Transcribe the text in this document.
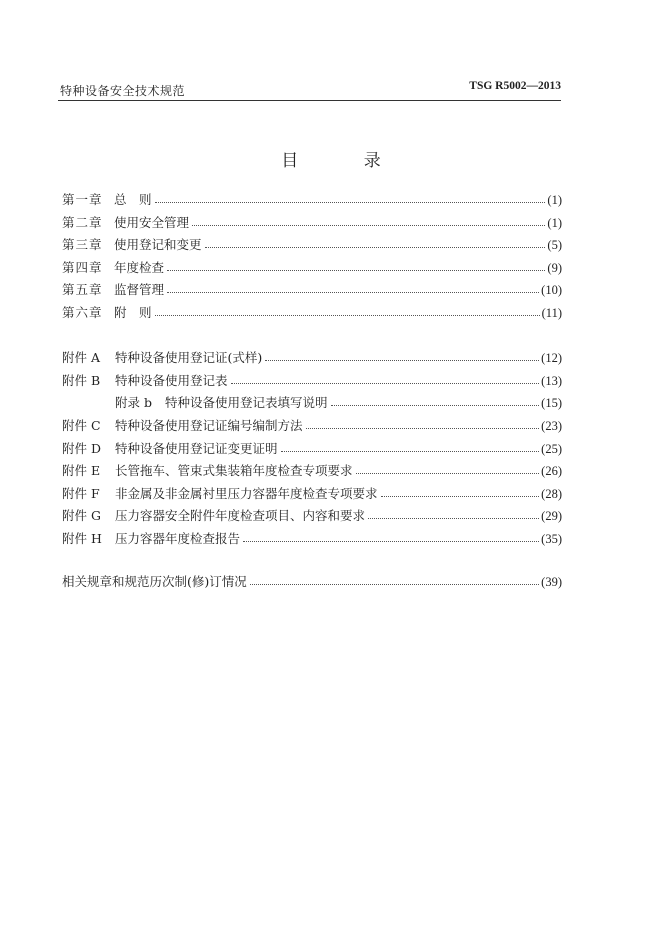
特种设备安全技术规范	TSG R5002—2013
目 录
第一章 总　则	(1)
第二章 使用安全管理	(1)
第三章 使用登记和变更	(5)
第四章 年度检查	(9)
第五章 监督管理	(10)
第六章 附　则	(11)
附件 A	特种设备使用登记证(式样)	(12)
附件 B	特种设备使用登记表	(13)
附录 b	特种设备使用登记表填写说明	(15)
附件 C	特种设备使用登记证编号编制方法	(23)
附件 D	特种设备使用登记证变更证明	(25)
附件 E	长管拖车、管束式集装箱年度检查专项要求	(26)
附件 F	非金属及非金属衬里压力容器年度检查专项要求	(28)
附件 G	压力容器安全附件年度检查项目、内容和要求	(29)
附件 H	压力容器年度检查报告	(35)
相关规章和规范历次制(修)订情况	(39)
